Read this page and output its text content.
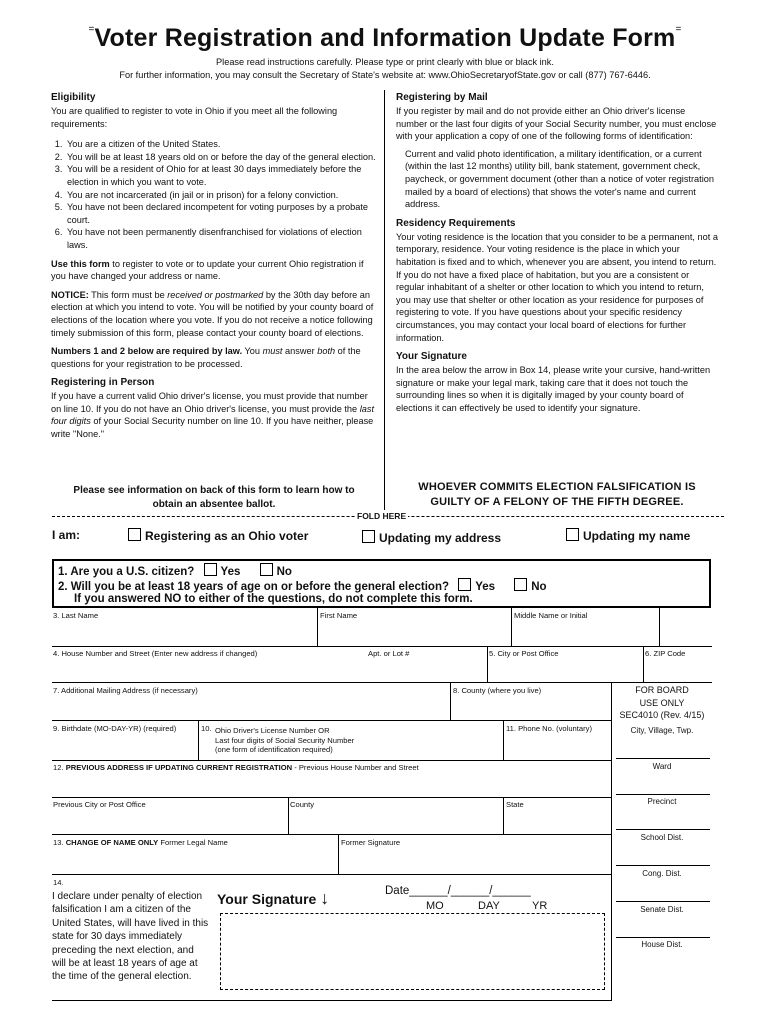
=Voter Registration and Information Update Form=
Please read instructions carefully. Please type or print clearly with blue or black ink.
For further information, you may consult the Secretary of State's website at: www.OhioSecretaryofState.gov or call (877) 767-6446.
Eligibility
You are qualified to register to vote in Ohio if you meet all the following requirements:
1. You are a citizen of the United States.
2. You will be at least 18 years old on or before the day of the general election.
3. You will be a resident of Ohio for at least 30 days immediately before the election in which you want to vote.
4. You are not incarcerated (in jail or in prison) for a felony conviction.
5. You have not been declared incompetent for voting purposes by a probate court.
6. You have not been permanently disenfranchised for violations of election laws.
Use this form to register to vote or to update your current Ohio registration if you have changed your address or name.
NOTICE: This form must be received or postmarked by the 30th day before an election at which you intend to vote. You will be notified by your county board of elections of the location where you vote. If you do not receive a notice following timely submission of this form, please contact your county board of elections.
Numbers 1 and 2 below are required by law. You must answer both of the questions for your registration to be processed.
Registering in Person
If you have a current valid Ohio driver's license, you must provide that number on line 10. If you do not have an Ohio driver's license, you must provide the last four digits of your Social Security number on line 10. If you have neither, please write "None."
Please see information on back of this form to learn how to obtain an absentee ballot.
Registering by Mail
If you register by mail and do not provide either an Ohio driver's license number or the last four digits of your Social Security number, you must enclose with your application a copy of one of the following forms of identification:
Current and valid photo identification, a military identification, or a current (within the last 12 months) utility bill, bank statement, government check, paycheck, or government document (other than a notice of voter registration mailed by a board of elections) that shows the voter's name and current address.
Residency Requirements
Your voting residence is the location that you consider to be a permanent, not a temporary, residence. Your voting residence is the place in which your habitation is fixed and to which, whenever you are absent, you intend to return. If you do not have a fixed place of habitation, but you are a consistent or regular inhabitant of a shelter or other location to which you intend to return, you may use that shelter or other location as your residence for purposes of registering to vote. If you have questions about your specific residency circumstances, you may contact your local board of elections for further information.
Your Signature
In the area below the arrow in Box 14, please write your cursive, hand-written signature or make your legal mark, taking care that it does not touch the surrounding lines so when it is digitally imaged by your county board of elections it can effectively be used to identify your signature.
WHOEVER COMMITS ELECTION FALSIFICATION IS
GUILTY OF A FELONY OF THE FIFTH DEGREE.
FOLD HERE
I am:	Registering as an Ohio voter	Updating my address	Updating my name
1. Are you a U.S. citizen? Yes	No
2. Will you be at least 18 years of age on or before the general election? Yes	No
If you answered NO to either of the questions, do not complete this form.
3. Last Name	First Name	Middle Name or Initial
4. House Number and Street (Enter new address if changed)	Apt. or Lot #	5. City or Post Office	6. ZIP Code
7. Additional Mailing Address (if necessary)	8. County (where you live)
9. Birthdate (MO-DAY-YR) (required)	10. Ohio Driver's License Number OR
Last four digits of Social Security Number
(one form of identification required)
11. Phone No. (voluntary)
12. PREVIOUS ADDRESS IF UPDATING CURRENT REGISTRATION - Previous House Number and Street
Previous City or Post Office	County	State
13. CHANGE OF NAME ONLY Former Legal Name	Former Signature
14.
I declare under penalty of election falsification I am a citizen of the United States, will have lived in this state for 30 days immediately preceding the next election, and will be at least 18 years of age at the time of the general election.
Your Signature ↓	Date______/______/______
MO	DAY	YR
FOR BOARD
USE ONLY
SEC4010 (Rev. 4/15)
City, Village, Twp.
Ward
Precinct
School Dist.
Cong. Dist.
Senate Dist.
House Dist.
